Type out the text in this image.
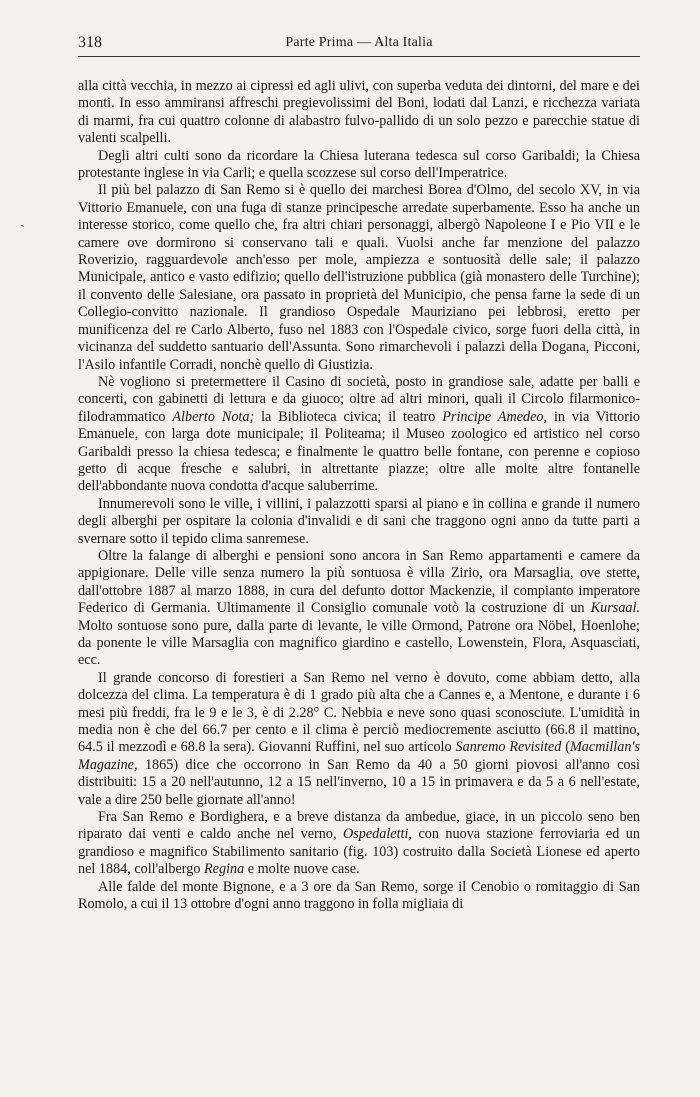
318	Parte Prima — Alta Italia
ˏ

alla città vecchia, in mezzo ai cipressi ed agli ulivi, con superba veduta dei dintorni, del mare e dei monti. In esso ammiransi affreschi pregievolissimi del Boni, lodati dal Lanzi, e ricchezza variata di marmi, fra cui quattro colonne di alabastro fulvo-pallido di un solo pezzo e parecchie statue di valenti scalpelli.

Degli altri culti sono da ricordare la Chiesa luterana tedesca sul corso Garibaldi; la Chiesa protestante inglese in via Carli; e quella scozzese sul corso dell'Imperatrice.

Il più bel palazzo di San Remo si è quello dei marchesi Borea d'Olmo, del secolo XV, in via Vittorio Emanuele, con una fuga di stanze principesche arredate superbamente. Esso ha anche un interesse storico, come quello che, fra altri chiari personaggi, albergò Napoleone I e Pio VII e le camere ove dormirono si conservano tali e quali. Vuolsi anche far menzione del palazzo Roverizio, ragguardevole anch'esso per mole, ampiezza e sontuosità delle sale; il palazzo Municipale, antico e vasto edifizio; quello dell'istruzione pubblica (già monastero delle Turchine); il convento delle Salesiane, ora passato in proprietà del Municipio, che pensa farne la sede di un Collegio-convitto nazionale. Il grandioso Ospedale Mauriziano pei lebbrosi, eretto per munificenza del re Carlo Alberto, fuso nel 1883 con l'Ospedale civico, sorge fuori della città, in vicinanza del suddetto santuario dell'Assunta. Sono rimarchevoli i palazzi della Dogana, Picconi, l'Asilo infantile Corradi, nonchè quello di Giustizia.

Nè vogliono si pretermettere il Casino di società, posto in grandiose sale, adatte per balli e concerti, con gabinetti di lettura e da giuoco; oltre ad altri minori, quali il Circolo filarmonico-filodrammatico Alberto Nota; la Biblioteca civica; il teatro Principe Amedeo, in via Vittorio Emanuele, con larga dote municipale; il Politeama; il Museo zoologico ed artistico nel corso Garibaldi presso la chiesa tedesca; e finalmente le quattro belle fontane, con perenne e copioso getto di acque fresche e salubri, in altrettante piazze; oltre alle molte altre fontanelle dell'abbondante nuova condotta d'acque saluberrime.

Innumerevoli sono le ville, i villini, i palazzotti sparsi al piano e in collina e grande il numero degli alberghi per ospitare la colonia d'invalidi e di sani che traggono ogni anno da tutte parti a svernare sotto il tepido clima sanremese.

Oltre la falange di alberghi e pensioni sono ancora in San Remo appartamenti e camere da appigionare. Delle ville senza numero la più sontuosa è villa Zirio, ora Marsaglia, ove stette, dall'ottobre 1887 al marzo 1888, in cura del defunto dottor Mackenzie, il compianto imperatore Federico di Germania. Ultimamente il Consiglio comunale votò la costruzione di un Kursaal. Molto sontuose sono pure, dalla parte di levante, le ville Ormond, Patrone ora Nöbel, Hoenlohe; da ponente le ville Marsaglia con magnifico giardino e castello, Lowenstein, Flora, Asquasciati, ecc.

Il grande concorso di forestieri a San Remo nel verno è dovuto, come abbiam detto, alla dolcezza del clima. La temperatura è di 1 grado più alta che a Cannes e, a Mentone, e durante i 6 mesi più freddi, fra le 9 e le 3, è di 2.28° C. Nebbia e neve sono quasi sconosciute. L'umidità in media non è che del 66.7 per cento e il clima è perciò mediocremente asciutto (66.8 il mattino, 64.5 il mezzodì e 68.8 la sera). Giovanni Ruffini, nel suo articolo Sanremo Revisited (Macmillan's Magazine, 1865) dice che occorrono in San Remo da 40 a 50 giorni piovosi all'anno così distribuiti: 15 a 20 nell'autunno, 12 a 15 nell'inverno, 10 a 15 in primavera e da 5 a 6 nell'estate, vale a dire 250 belle giornate all'anno!

Fra San Remo e Bordighera, e a breve distanza da ambedue, giace, in un piccolo seno ben riparato dai venti e caldo anche nel verno, Ospedaletti, con nuova stazione ferroviaria ed un grandioso e magnifico Stabilimento sanitario (fig. 103) costruito dalla Società Lionese ed aperto nel 1884, coll'albergo Regina e molte nuove case.

Alle falde del monte Bignone, e a 3 ore da San Remo, sorge il Cenobio o romitaggio di San Romolo, a cui il 13 ottobre d'ogni anno traggono in folla migliaia di
